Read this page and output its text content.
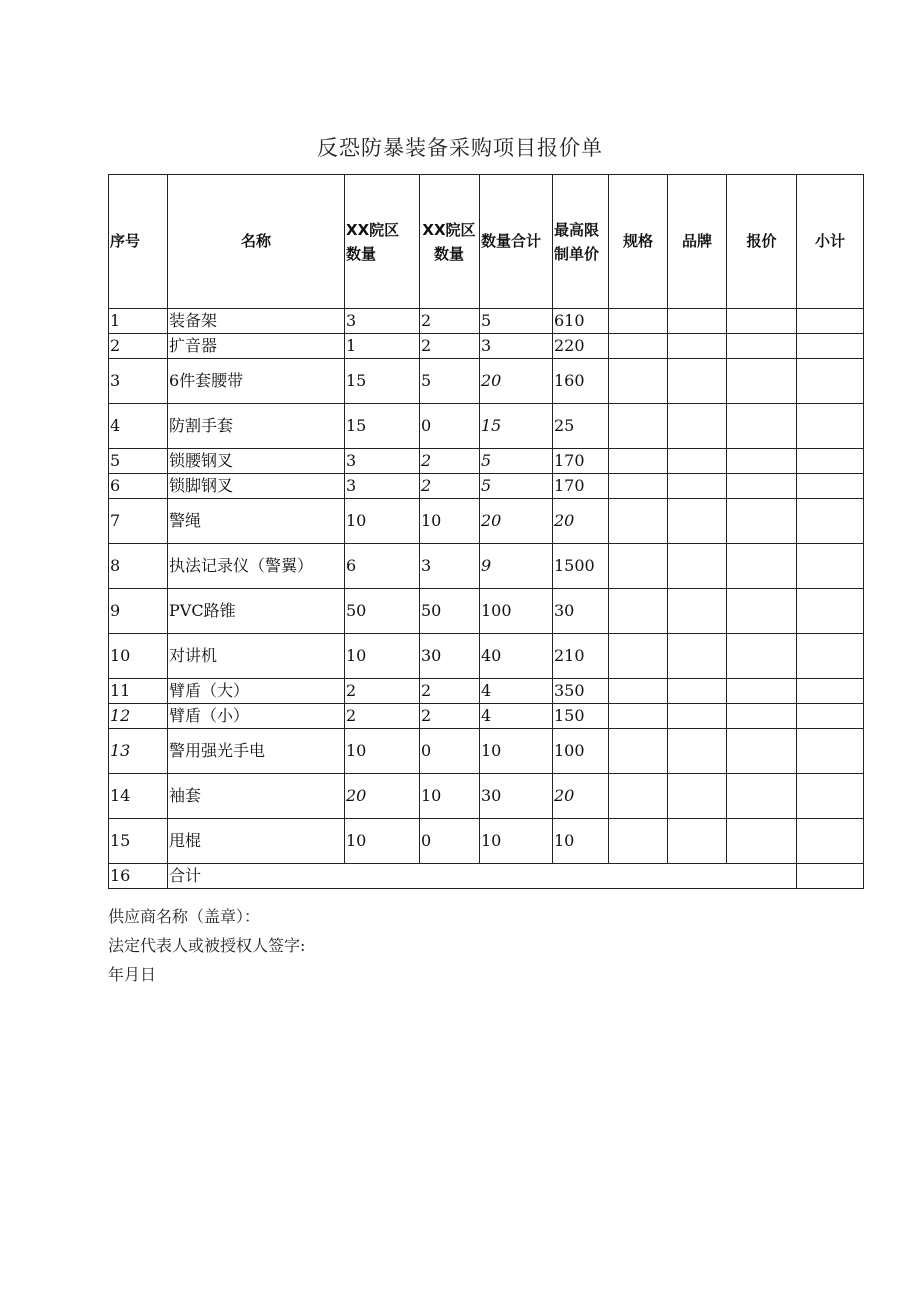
反恐防暴装备采购项目报价单
序号	名称	XX院区数量	XX院区数量	数量合计	最高限制单价	规格	品牌	报价	小计
1	装备架	3	2	5	610				
2	扩音器	1	2	3	220				
3	6件套腰带	15	5	20	160				
4	防割手套	15	0	15	25				
5	锁腰钢叉	3	2	5	170				
6	锁脚钢叉	3	2	5	170				
7	警绳	10	10	20	20				
8	执法记录仪（警翼）	6	3	9	1500				
9	PVC路锥	50	50	100	30				
10	对讲机	10	30	40	210				
11	臂盾（大）	2	2	4	350				
12	臂盾（小）	2	2	4	150				
13	警用强光手电	10	0	10	100				
14	袖套	20	10	30	20				
15	甩棍	10	0	10	10				
16	合计								
供应商名称（盖章）：
法定代表人或被授权人签字:
年月日
